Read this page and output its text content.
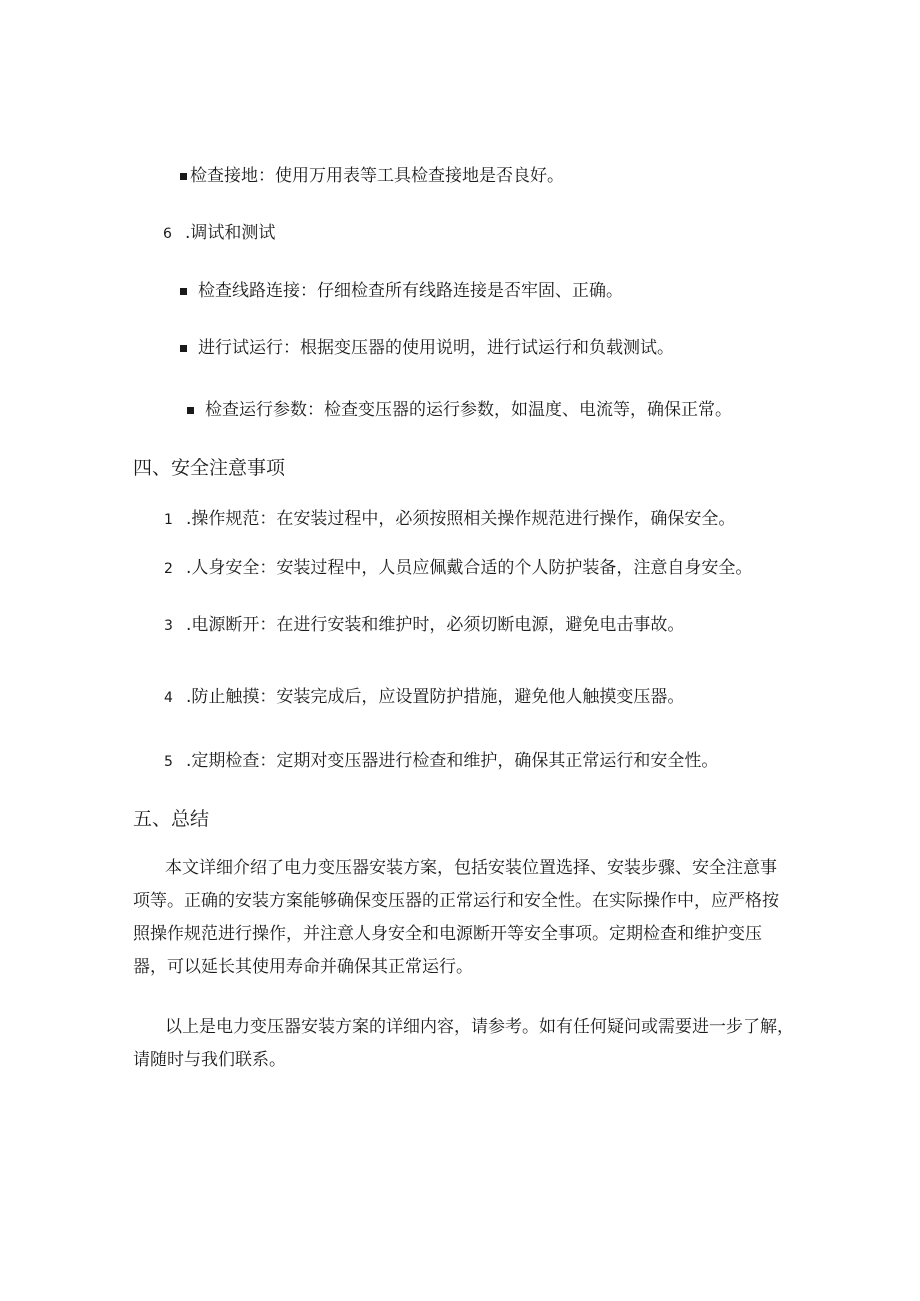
检查接地 ： 使用万用表等工具检查接地是否良好。
6 .调试和测试
检查线路连接 ： 仔细检查所有线路连接是否牢固、正确。
进行试运行 ： 根据变压器的使用说明，进行试运行和负载测试。
检查运行参数 ： 检查变压器的运行参数，如温度、电流等，确保正常。
四、安全注意事项
1 .操作规范：在安装过程中，必须按照相关操作规范进行操作，确保安全。
2 .人身安全：安装过程中，人员应佩戴合适的个人防护装备，注意自身安全。
3 .电源断开：在进行安装和维护时，必须切断电源，避免电击事故。
4 .防止触摸：安装完成后，应设置防护措施，避免他人触摸变压器。
5 .定期检查：定期对变压器进行检查和维护，确保其正常运行和安全性。
五、总结
本文详细介绍了电力变压器安装方案，包括安装位置选择、安装步骤、安全注意事
项等。正确的安装方案能够确保变压器的正常运行和安全性。在实际操作中，应严格按
照操作规范进行操作，并注意人身安全和电源断开等安全事项。定期检查和维护变压
器，可以延长其使用寿命并确保其正常运行。
以上是电力变压器安装方案的详细内容，请参考。如有任何疑问或需要进一步了解，
请随时与我们联系。
